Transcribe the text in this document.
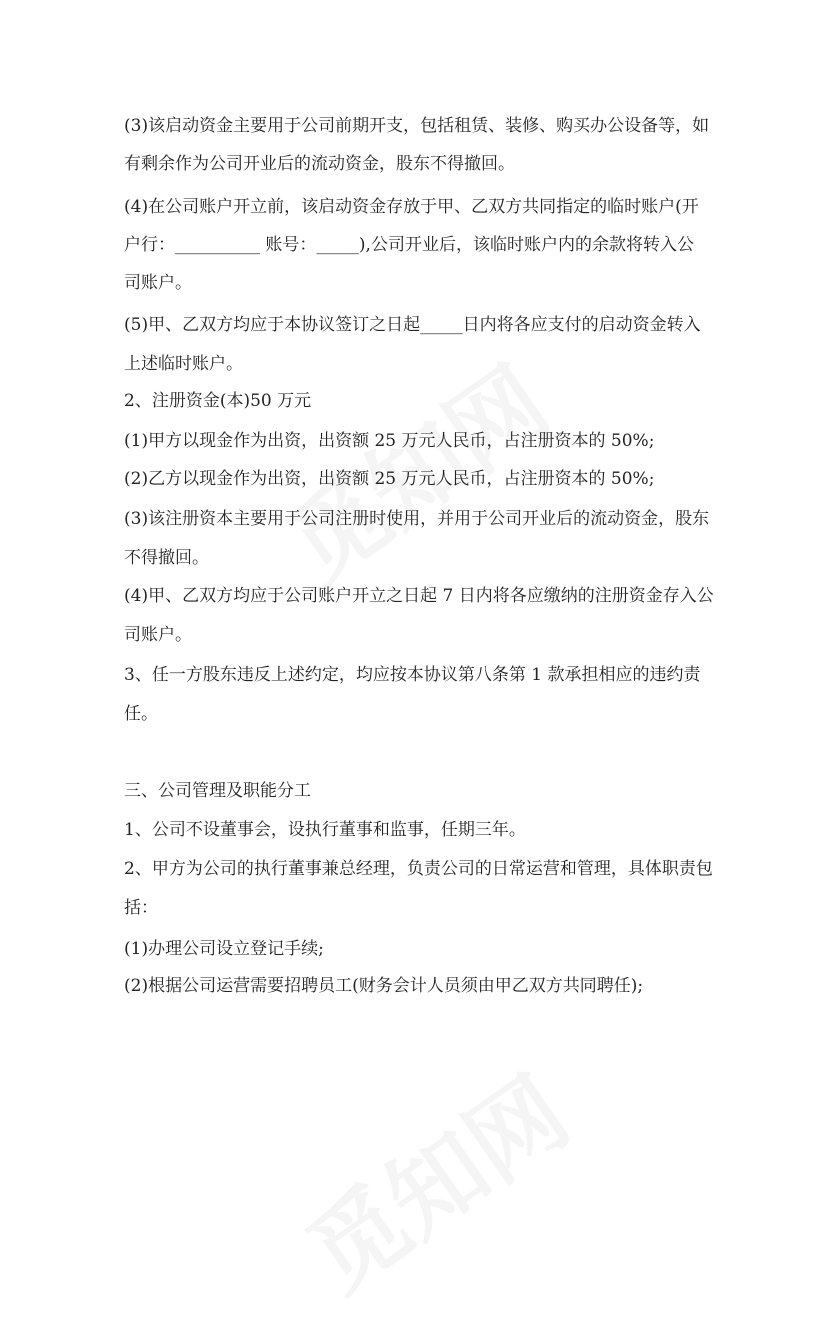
(3)该启动资金主要用于公司前期开支，包括租赁、装修、购买办公设备等，如
有剩余作为公司开业后的流动资金，股东不得撤回。
(4)在公司账户开立前，该启动资金存放于甲、乙双方共同指定的临时账户(开
户行：__________ 账号：_____),公司开业后，该临时账户内的余款将转入公
司账户。
(5)甲、乙双方均应于本协议签订之日起_____日内将各应支付的启动资金转入
上述临时账户。
2、注册资金(本)50 万元
(1)甲方以现金作为出资，出资额 25 万元人民币，占注册资本的 50%;
(2)乙方以现金作为出资，出资额 25 万元人民币，占注册资本的 50%;
(3)该注册资本主要用于公司注册时使用，并用于公司开业后的流动资金，股东
不得撤回。
(4)甲、乙双方均应于公司账户开立之日起 7 日内将各应缴纳的注册资金存入公
司账户。
3、任一方股东违反上述约定，均应按本协议第八条第 1 款承担相应的违约责
任。
三、公司管理及职能分工
1、公司不设董事会，设执行董事和监事，任期三年。
2、甲方为公司的执行董事兼总经理，负责公司的日常运营和管理，具体职责包
括：
(1)办理公司设立登记手续;
(2)根据公司运营需要招聘员工(财务会计人员须由甲乙双方共同聘任);
